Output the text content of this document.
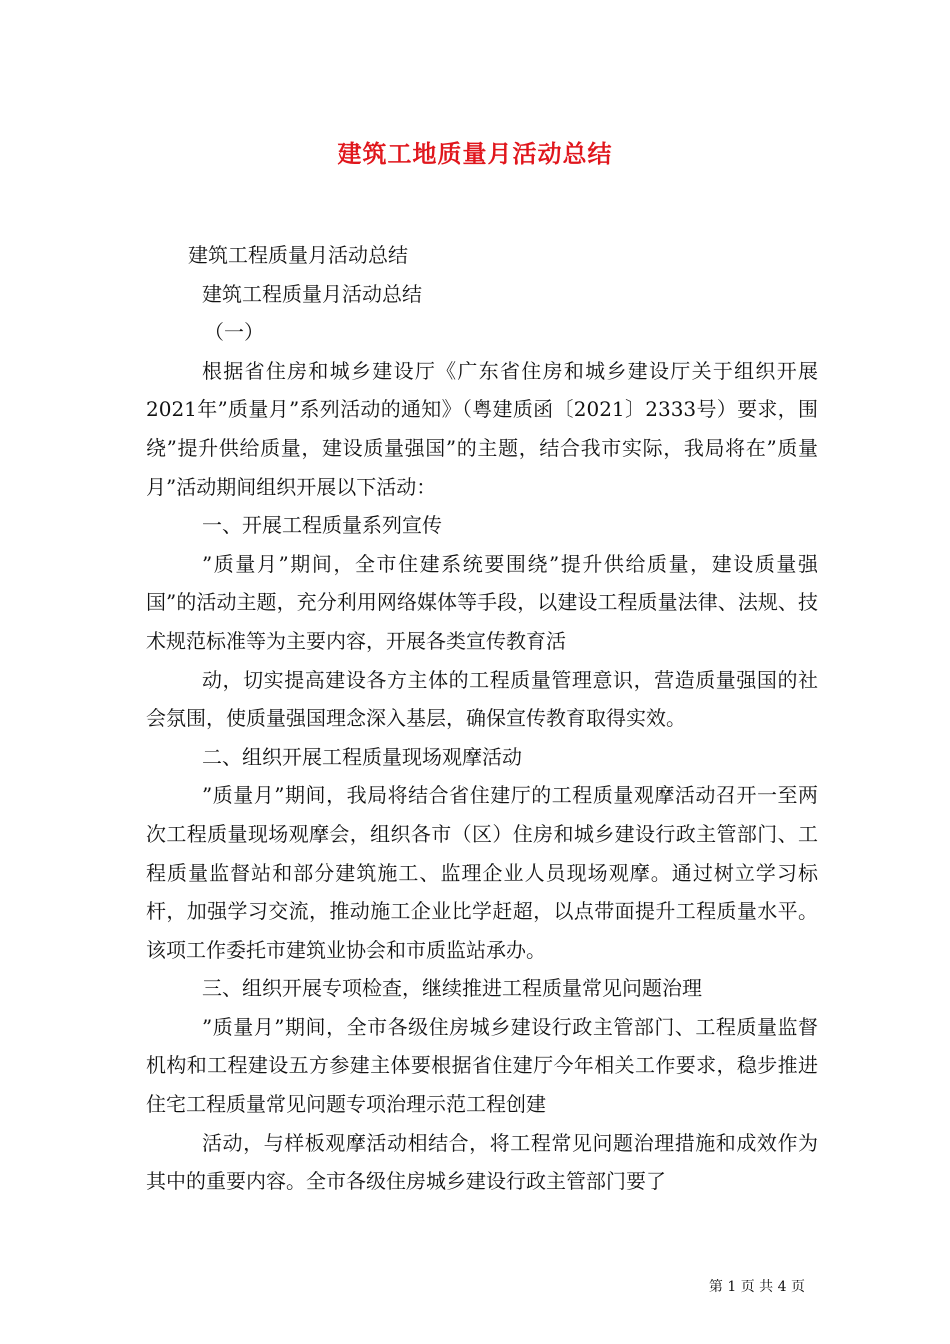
建筑工地质量月活动总结

建筑工程质量月活动总结

建筑工程质量月活动总结

（一）

根据省住房和城乡建设厅《广东省住房和城乡建设厅关于组织开展2021年”质量月”系列活动的通知》（粤建质函〔2021〕2333号）要求，围绕”提升供给质量，建设质量强国”的主题，结合我市实际，我局将在”质量月”活动期间组织开展以下活动：

一、开展工程质量系列宣传

”质量月”期间，全市住建系统要围绕”提升供给质量，建设质量强国”的活动主题，充分利用网络媒体等手段，以建设工程质量法律、法规、技术规范标准等为主要内容，开展各类宣传教育活

动，切实提高建设各方主体的工程质量管理意识，营造质量强国的社会氛围，使质量强国理念深入基层，确保宣传教育取得实效。

二、组织开展工程质量现场观摩活动

”质量月”期间，我局将结合省住建厅的工程质量观摩活动召开一至两次工程质量现场观摩会，组织各市（区）住房和城乡建设行政主管部门、工程质量监督站和部分建筑施工、监理企业人员现场观摩。通过树立学习标杆，加强学习交流，推动施工企业比学赶超，以点带面提升工程质量水平。该项工作委托市建筑业协会和市质监站承办。

三、组织开展专项检查，继续推进工程质量常见问题治理

”质量月”期间，全市各级住房城乡建设行政主管部门、工程质量监督机构和工程建设五方参建主体要根据省住建厅今年相关工作要求，稳步推进住宅工程质量常见问题专项治理示范工程创建

活动，与样板观摩活动相结合，将工程常见问题治理措施和成效作为其中的重要内容。全市各级住房城乡建设行政主管部门要了

第 1 页 共 4 页
